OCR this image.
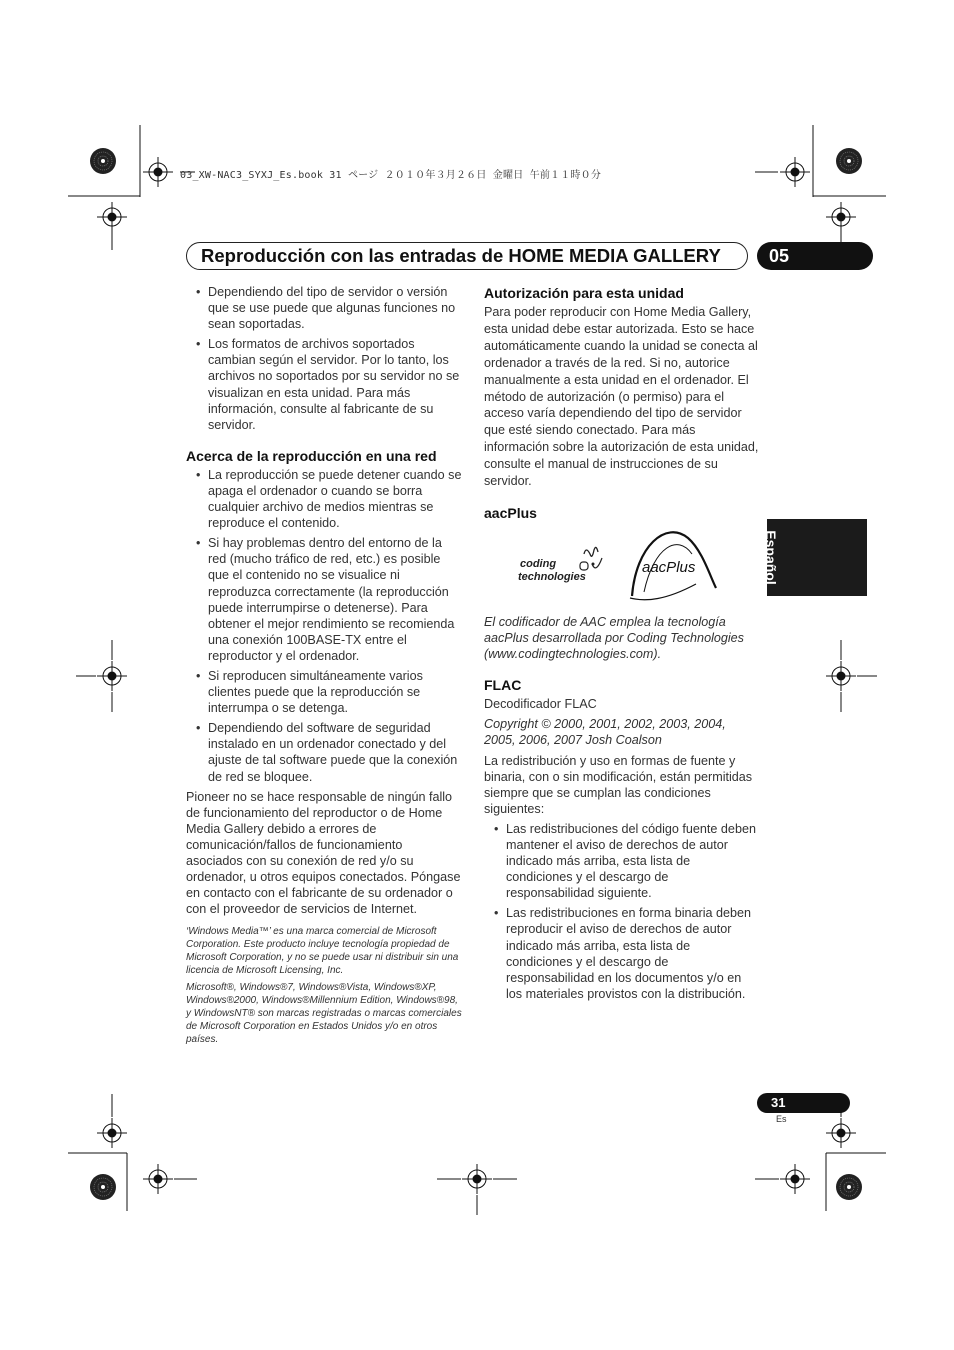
03_XW-NAC3_SYXJ_Es.book 31 ページ ２０１０年３月２６日 金曜日 午前１１時０分
Reproducción con las entradas de HOME MEDIA GALLERY	05
Español
• Dependiendo del tipo de servidor o versión que se use puede que algunas funciones no sean soportadas.
• Los formatos de archivos soportados cambian según el servidor. Por lo tanto, los archivos no soportados por su servidor no se visualizan en esta unidad. Para más información, consulte al fabricante de su servidor.
Acerca de la reproducción en una red
• La reproducción se puede detener cuando se apaga el ordenador o cuando se borra cualquier archivo de medios mientras se reproduce el contenido.
• Si hay problemas dentro del entorno de la red (mucho tráfico de red, etc.) es posible que el contenido no se visualice ni reproduzca correctamente (la reproducción puede interrumpirse o detenerse). Para obtener el mejor rendimiento se recomienda una conexión 100BASE-TX entre el reproductor y el ordenador.
• Si reproducen simultáneamente varios clientes puede que la reproducción se interrumpa o se detenga.
• Dependiendo del software de seguridad instalado en un ordenador conectado y del ajuste de tal software puede que la conexión de red se bloquee.

Pioneer no se hace responsable de ningún fallo de funcionamiento del reproductor o de Home Media Gallery debido a errores de comunicación/fallos de funcionamiento asociados con su conexión de red y/o su ordenador, u otros equipos conectados. Póngase en contacto con el fabricante de su ordenador o con el proveedor de servicios de Internet.

‘Windows Media™’ es una marca comercial de Microsoft Corporation. Este producto incluye tecnología propiedad de Microsoft Corporation, y no se puede usar ni distribuir sin una licencia de Microsoft Licensing, Inc.

Microsoft®, Windows®7, Windows®Vista, Windows®XP, Windows®2000, Windows®Millennium Edition, Windows®98, y WindowsNT® son marcas registradas o marcas comerciales de Microsoft Corporation en Estados Unidos y/o en otros países.

Autorización para esta unidad

Para poder reproducir con Home Media Gallery, esta unidad debe estar autorizada. Esto se hace automáticamente cuando la unidad se conecta al ordenador a través de la red. Si no, autorice manualmente a esta unidad en el ordenador. El método de autorización (o permiso) para el acceso varía dependiendo del tipo de servidor que esté siendo conectado. Para más información sobre la autorización de esta unidad, consulte el manual de instrucciones de su servidor.

aacPlus
coding
technologies
aacPlus

El codificador de AAC emplea la tecnología aacPlus desarrollada por Coding Technologies (www.codingtechnologies.com).

FLAC

Decodificador FLAC

Copyright © 2000, 2001, 2002, 2003, 2004, 2005, 2006, 2007 Josh Coalson

La redistribución y uso en formas de fuente y binaria, con o sin modificación, están permitidas siempre que se cumplan las condiciones siguientes:

• Las redistribuciones del código fuente deben mantener el aviso de derechos de autor indicado más arriba, esta lista de condiciones y el descargo de responsabilidad siguiente.
• Las redistribuciones en forma binaria deben reproducir el aviso de derechos de autor indicado más arriba, esta lista de condiciones y el descargo de responsabilidad en los documentos y/o en los materiales provistos con la distribución.
31
Es
